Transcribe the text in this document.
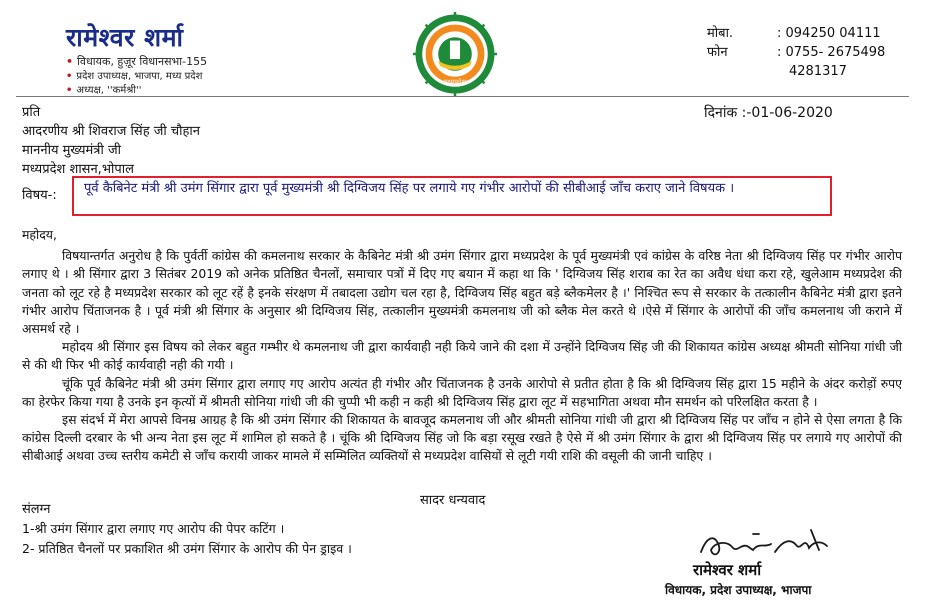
रामेश्वर शर्मा
• विधायक, हुज़ूर विधानसभा-155
• प्रदेश उपाध्यक्ष, भाजपा, मध्य प्रदेश
• अध्यक्ष, ''कर्मश्री''
मध्यप्रदेश
मोबा.	: 094250 04111
फोन	: 0755- 2675498
4281317
प्रति
आदरणीय श्री शिवराज सिंह जी चौहान
माननीय मुख्यमंत्री जी
मध्यप्रदेश शासन,भोपाल
दिनांक :-01-06-2020
विषय-:	पूर्व कैबिनेट मंत्री श्री उमंग सिंगार द्वारा पूर्व मुख्यमंत्री श्री दिग्विजय सिंह पर लगाये गए गंभीर आरोपों की सीबीआई जाँच कराए जाने विषयक ।

महोदय,

विषयान्तर्गत अनुरोध है कि पुर्वर्ती कांग्रेस की कमलनाथ सरकार के कैबिनेट मंत्री श्री उमंग सिंगार द्वारा मध्यप्रदेश के पूर्व मुख्यमंत्री एवं कांग्रेस के वरिष्ठ नेता श्री दिग्विजय सिंह पर गंभीर आरोप लगाए थे । श्री सिंगार द्वारा 3 सितंबर 2019 को अनेक प्रतिष्ठित चैनलों, समाचार पत्रों में दिए गए बयान में कहा था कि ' दिग्विजय सिंह शराब का रेत का अवैध धंधा करा रहे, खुलेआम मध्यप्रदेश की जनता को लूट रहे है मध्यप्रदेश सरकार को लूट रहें है इनके संरक्षण में तबादला उद्योग चल रहा है, दिग्विजय सिंह बहुत बड़े ब्लैकमेलर है ।' निश्चित रूप से सरकार के तत्कालीन कैबिनेट मंत्री द्वारा इतने गंभीर आरोप चिंताजनक है । पूर्व मंत्री श्री सिंगार के अनुसार श्री दिग्विजय सिंह, तत्कालीन मुख्यमंत्री कमलनाथ जी को ब्लैक मेल करते थे ।ऐसे में सिंगार के आरोपों की जाँच कमलनाथ जी कराने में असमर्थ रहे ।

महोदय श्री सिंगार इस विषय को लेकर बहुत गम्भीर थे कमलनाथ जी द्वारा कार्यवाही नही किये जाने की दशा में उन्होंने दिग्विजय सिंह जी की शिकायत कांग्रेस अध्यक्ष श्रीमती सोनिया गांधी जी से की थी फिर भी कोई कार्यवाही नही की गयी ।

चूंकि पूर्व कैबिनेट मंत्री श्री उमंग सिंगार द्वारा लगाए गए आरोप अत्यंत ही गंभीर और चिंताजनक है उनके आरोपो से प्रतीत होता है कि श्री दिग्विजय सिंह द्वारा 15 महीने के अंदर करोड़ों रुपए का हेरफेर किया गया है उनके इन कृत्यों में श्रीमती सोनिया गांधी जी की चुप्पी भी कही न कही श्री दिग्विजय सिंह द्वारा लूट में सहभागिता अथवा मौन समर्थन को परिलक्षित करता है ।

इस संदर्भ में मेरा आपसे विनम्र आग्रह है कि श्री उमंग सिंगार की शिकायत के बावजूद कमलनाथ जी और श्रीमती सोनिया गांधी जी द्वारा श्री दिग्विजय सिंह पर जाँच न होने से ऐसा लगता है कि कांग्रेस दिल्ली दरबार के भी अन्य नेता इस लूट में शामिल हो सकते है । चूंकि श्री दिग्विजय सिंह जो कि बड़ा रसूख रखते है ऐसे में श्री उमंग सिंगार के द्वारा श्री दिग्विजय सिंह पर लगाये गए आरोपों की सीबीआई अथवा उच्च स्तरीय कमेटी से जाँच करायी जाकर मामले में सम्मिलित व्यक्तियों से मध्यप्रदेश वासियों से लूटी गयी राशि की वसूली की जानी चाहिए ।

सादर धन्यवाद
संलग्न
1-श्री उमंग सिंगार द्वारा लगाए गए आरोप की पेपर कटिंग ।
2- प्रतिष्ठित चैनलों पर प्रकाशित श्री उमंग सिंगार के आरोप की पेन ड्राइव ।
रामेश्वर शर्मा
विधायक, प्रदेश उपाध्यक्ष, भाजपा
